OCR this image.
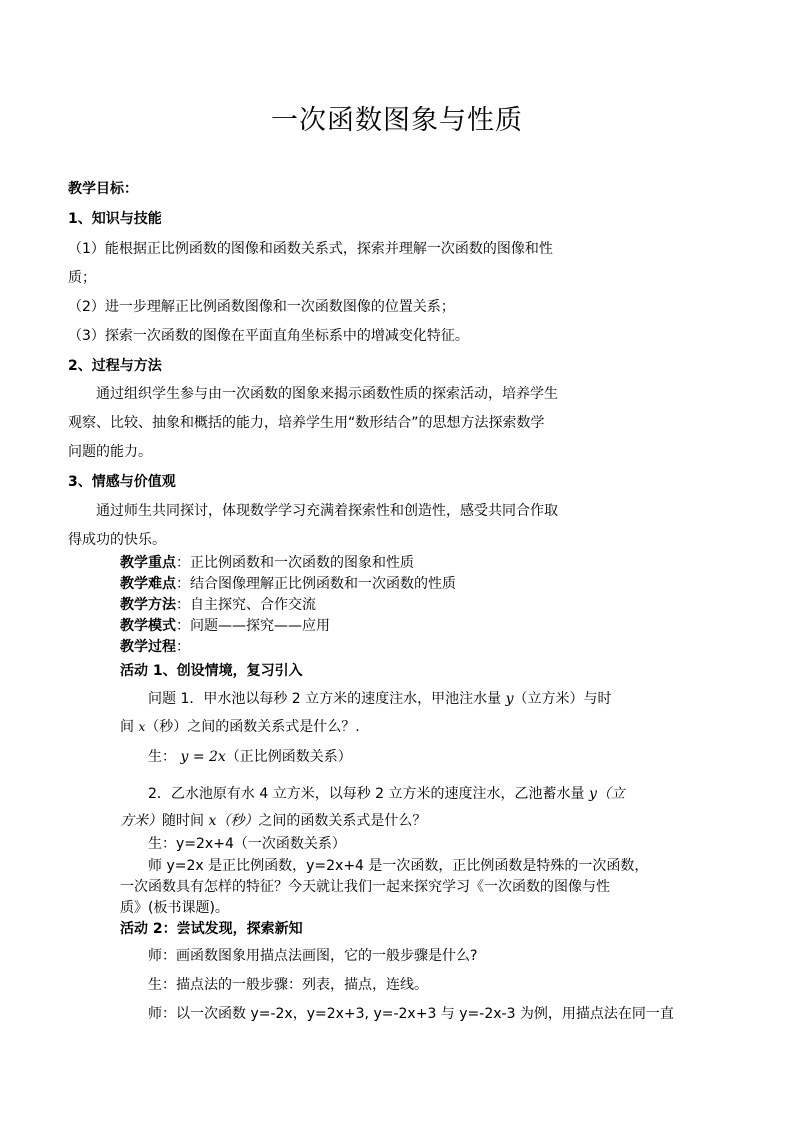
一次函数图象与性质
教学目标：
1、知识与技能
（1）能根据正比例函数的图像和函数关系式，探索并理解一次函数的图像和性
质；
（2）进一步理解正比例函数图像和一次函数图像的位置关系；
（3）探索一次函数的图像在平面直角坐标系中的增减变化特征。
2、过程与方法
通过组织学生参与由一次函数的图象来揭示函数性质的探索活动，培养学生
观察、比较、抽象和概括的能力，培养学生用“数形结合”的思想方法探索数学
问题的能力。
3、情感与价值观
通过师生共同探讨，体现数学学习充满着探索性和创造性，感受共同合作取
得成功的快乐。
教学重点：正比例函数和一次函数的图象和性质
教学难点：结合图像理解正比例函数和一次函数的性质
教学方法：自主探究、合作交流
教学模式：问题——探究——应用
教学过程：
活动 1、创设情境，复习引入
问题 1．甲水池以每秒 2 立方米的速度注水，甲池注水量 y（立方米）与时
间 x（秒）之间的函数关系式是什么？.
生： y = 2x（正比例函数关系）
2．乙水池原有水 4 立方米，以每秒 2 立方米的速度注水，乙池蓄水量 y（立
方米）随时间 x（秒）之间的函数关系式是什么？
生：y=2x+4（一次函数关系）
师 y=2x 是正比例函数，y=2x+4 是一次函数，正比例函数是特殊的一次函数，
一次函数具有怎样的特征？今天就让我们一起来探究学习《一次函数的图像与性
质》(板书课题)。
活动 2：尝试发现，探索新知
师：画函数图象用描点法画图，它的一般步骤是什么?
生：描点法的一般步骤：列表，描点，连线。
师：以一次函数 y=-2x，y=2x+3, y=-2x+3 与 y=-2x-3 为例，用描点法在同一直
